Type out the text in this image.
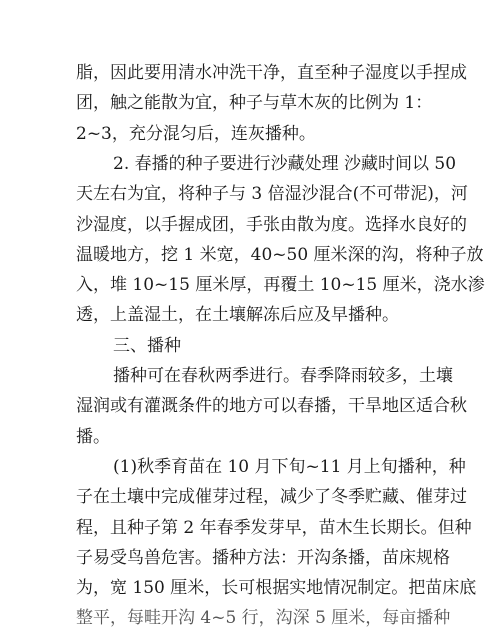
脂，因此要用清水冲洗干净，直至种子湿度以手捏成
团，触之能散为宜，种子与草木灰的比例为 1：
2~3，充分混匀后，连灰播种。
2. 春播的种子要进行沙藏处理 沙藏时间以 50
天左右为宜，将种子与 3 倍湿沙混合(不可带泥)，河
沙湿度，以手握成团，手张由散为度。选择水良好的
温暖地方，挖 1 米宽，40~50 厘米深的沟，将种子放
入，堆 10~15 厘米厚，再覆土 10~15 厘米，浇水渗
透，上盖湿土，在土壤解冻后应及早播种。
三、播种
播种可在春秋两季进行。春季降雨较多，土壤
湿润或有灌溉条件的地方可以春播，干旱地区适合秋
播。
(1)秋季育苗在 10 月下旬~11 月上旬播种，种
子在土壤中完成催芽过程，减少了冬季贮藏、催芽过
程，且种子第 2 年春季发芽早，苗木生长期长。但种
子易受鸟兽危害。播种方法：开沟条播，苗床规格
为，宽 150 厘米，长可根据实地情况制定。把苗床底
整平，每畦开沟 4~5 行，沟深 5 厘米，每亩播种
